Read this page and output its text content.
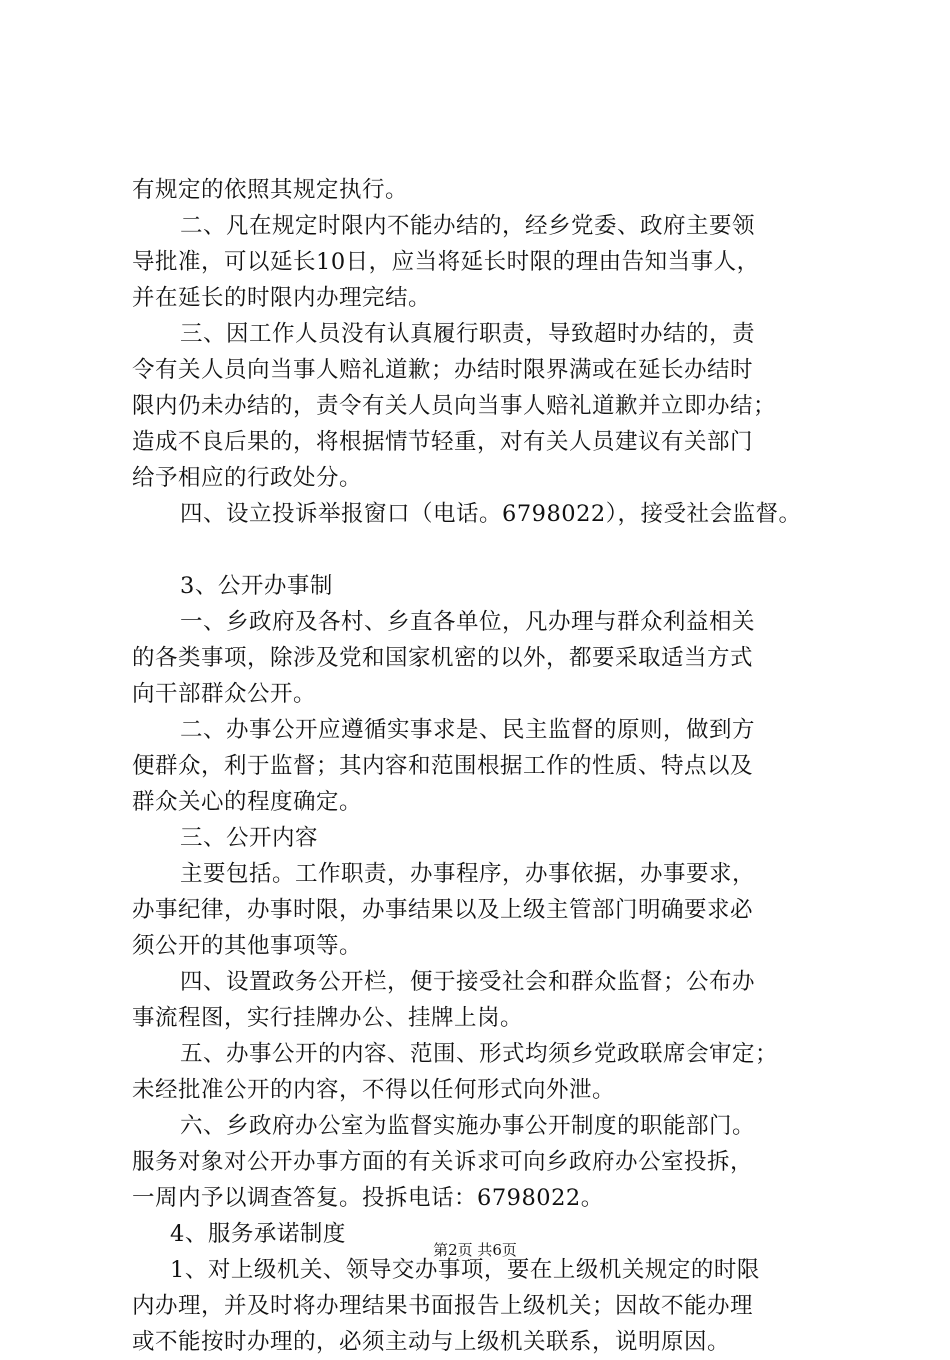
有规定的依照其规定执行。
二、凡在规定时限内不能办结的，经乡党委、政府主要领
导批准，可以延长10日，应当将延长时限的理由告知当事人，
并在延长的时限内办理完结。
三、因工作人员没有认真履行职责，导致超时办结的，责
令有关人员向当事人赔礼道歉；办结时限界满或在延长办结时
限内仍未办结的，责令有关人员向当事人赔礼道歉并立即办结；
造成不良后果的，将根据情节轻重，对有关人员建议有关部门
给予相应的行政处分。
四、设立投诉举报窗口（电话。6798022），接受社会监督。
3、公开办事制
一、乡政府及各村、乡直各单位，凡办理与群众利益相关
的各类事项，除涉及党和国家机密的以外，都要采取适当方式
向干部群众公开。
二、办事公开应遵循实事求是、民主监督的原则，做到方
便群众，利于监督；其内容和范围根据工作的性质、特点以及
群众关心的程度确定。
三、公开内容
主要包括。工作职责，办事程序，办事依据，办事要求，
办事纪律，办事时限，办事结果以及上级主管部门明确要求必
须公开的其他事项等。
四、设置政务公开栏，便于接受社会和群众监督；公布办
事流程图，实行挂牌办公、挂牌上岗。
五、办事公开的内容、范围、形式均须乡党政联席会审定；
未经批准公开的内容，不得以任何形式向外泄。
六、乡政府办公室为监督实施办事公开制度的职能部门。
服务对象对公开办事方面的有关诉求可向乡政府办公室投拆，
一周内予以调查答复。投拆电话：6798022。
4、服务承诺制度
1、对上级机关、领导交办事项，要在上级机关规定的时限
内办理，并及时将办理结果书面报告上级机关；因故不能办理
或不能按时办理的，必须主动与上级机关联系，说明原因。
第2页 共6页
